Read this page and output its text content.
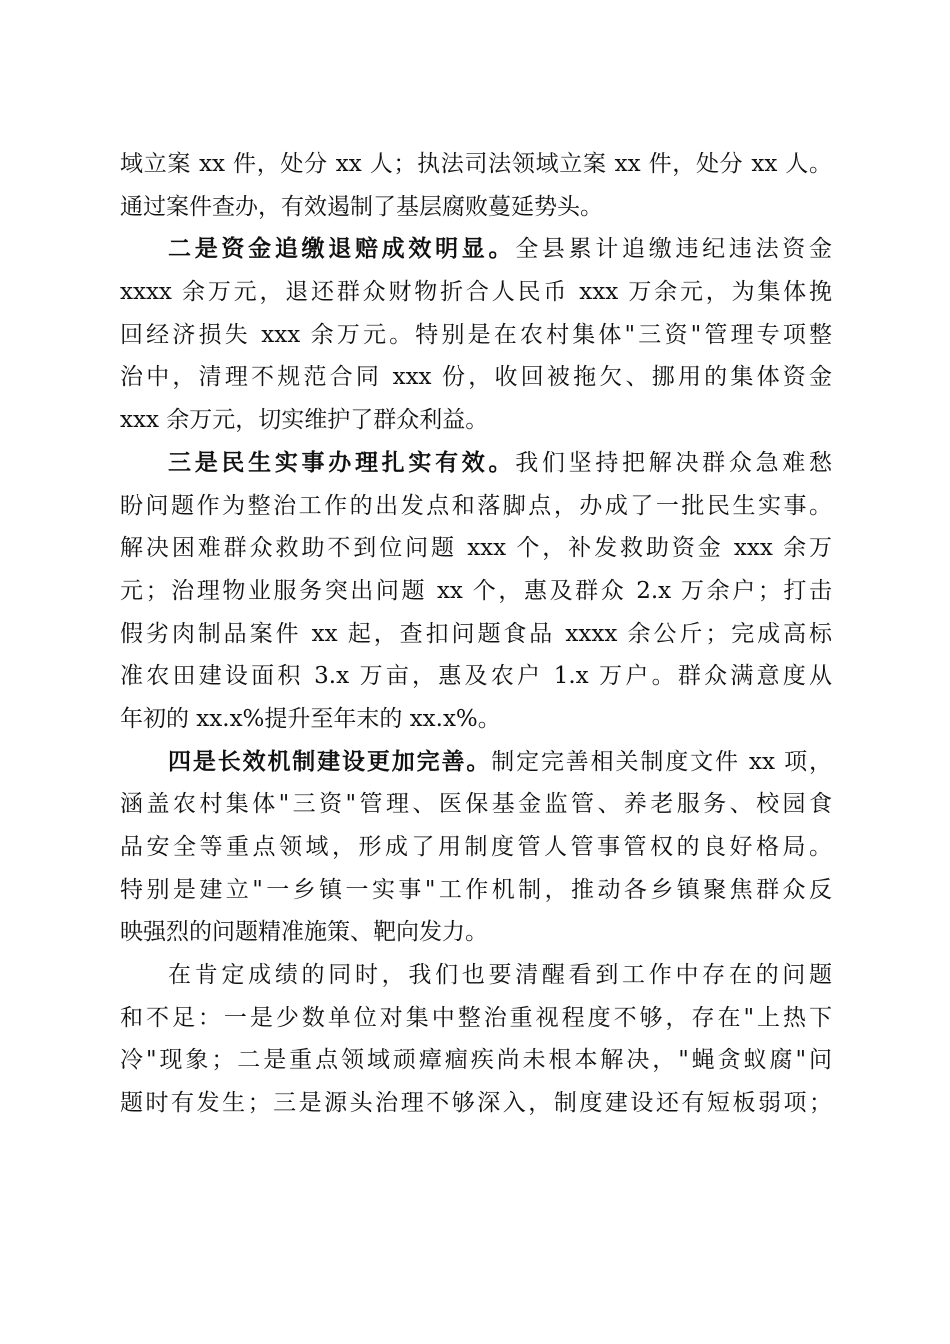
域立案 xx 件，处分 xx 人；执法司法领域立案 xx 件，处分 xx 人。
通过案件查办，有效遏制了基层腐败蔓延势头。
二是资金追缴退赔成效明显。全县累计追缴违纪违法资金
xxxx 余万元，退还群众财物折合人民币 xxx 万余元，为集体挽
回经济损失 xxx 余万元。特别是在农村集体"三资"管理专项整
治中，清理不规范合同 xxx 份，收回被拖欠、挪用的集体资金
xxx 余万元，切实维护了群众利益。
三是民生实事办理扎实有效。我们坚持把解决群众急难愁
盼问题作为整治工作的出发点和落脚点，办成了一批民生实事。
解决困难群众救助不到位问题 xxx 个，补发救助资金 xxx 余万
元；治理物业服务突出问题 xx 个，惠及群众 2.x 万余户；打击
假劣肉制品案件 xx 起，查扣问题食品 xxxx 余公斤；完成高标
准农田建设面积 3.x 万亩，惠及农户 1.x 万户。群众满意度从
年初的 xx.x%提升至年末的 xx.x%。
四是长效机制建设更加完善。制定完善相关制度文件 xx 项，
涵盖农村集体"三资"管理、医保基金监管、养老服务、校园食
品安全等重点领域，形成了用制度管人管事管权的良好格局。
特别是建立"一乡镇一实事"工作机制，推动各乡镇聚焦群众反
映强烈的问题精准施策、靶向发力。
在肯定成绩的同时，我们也要清醒看到工作中存在的问题
和不足：一是少数单位对集中整治重视程度不够，存在"上热下
冷"现象；二是重点领域顽瘴痼疾尚未根本解决，"蝇贪蚁腐"问
题时有发生；三是源头治理不够深入，制度建设还有短板弱项；
